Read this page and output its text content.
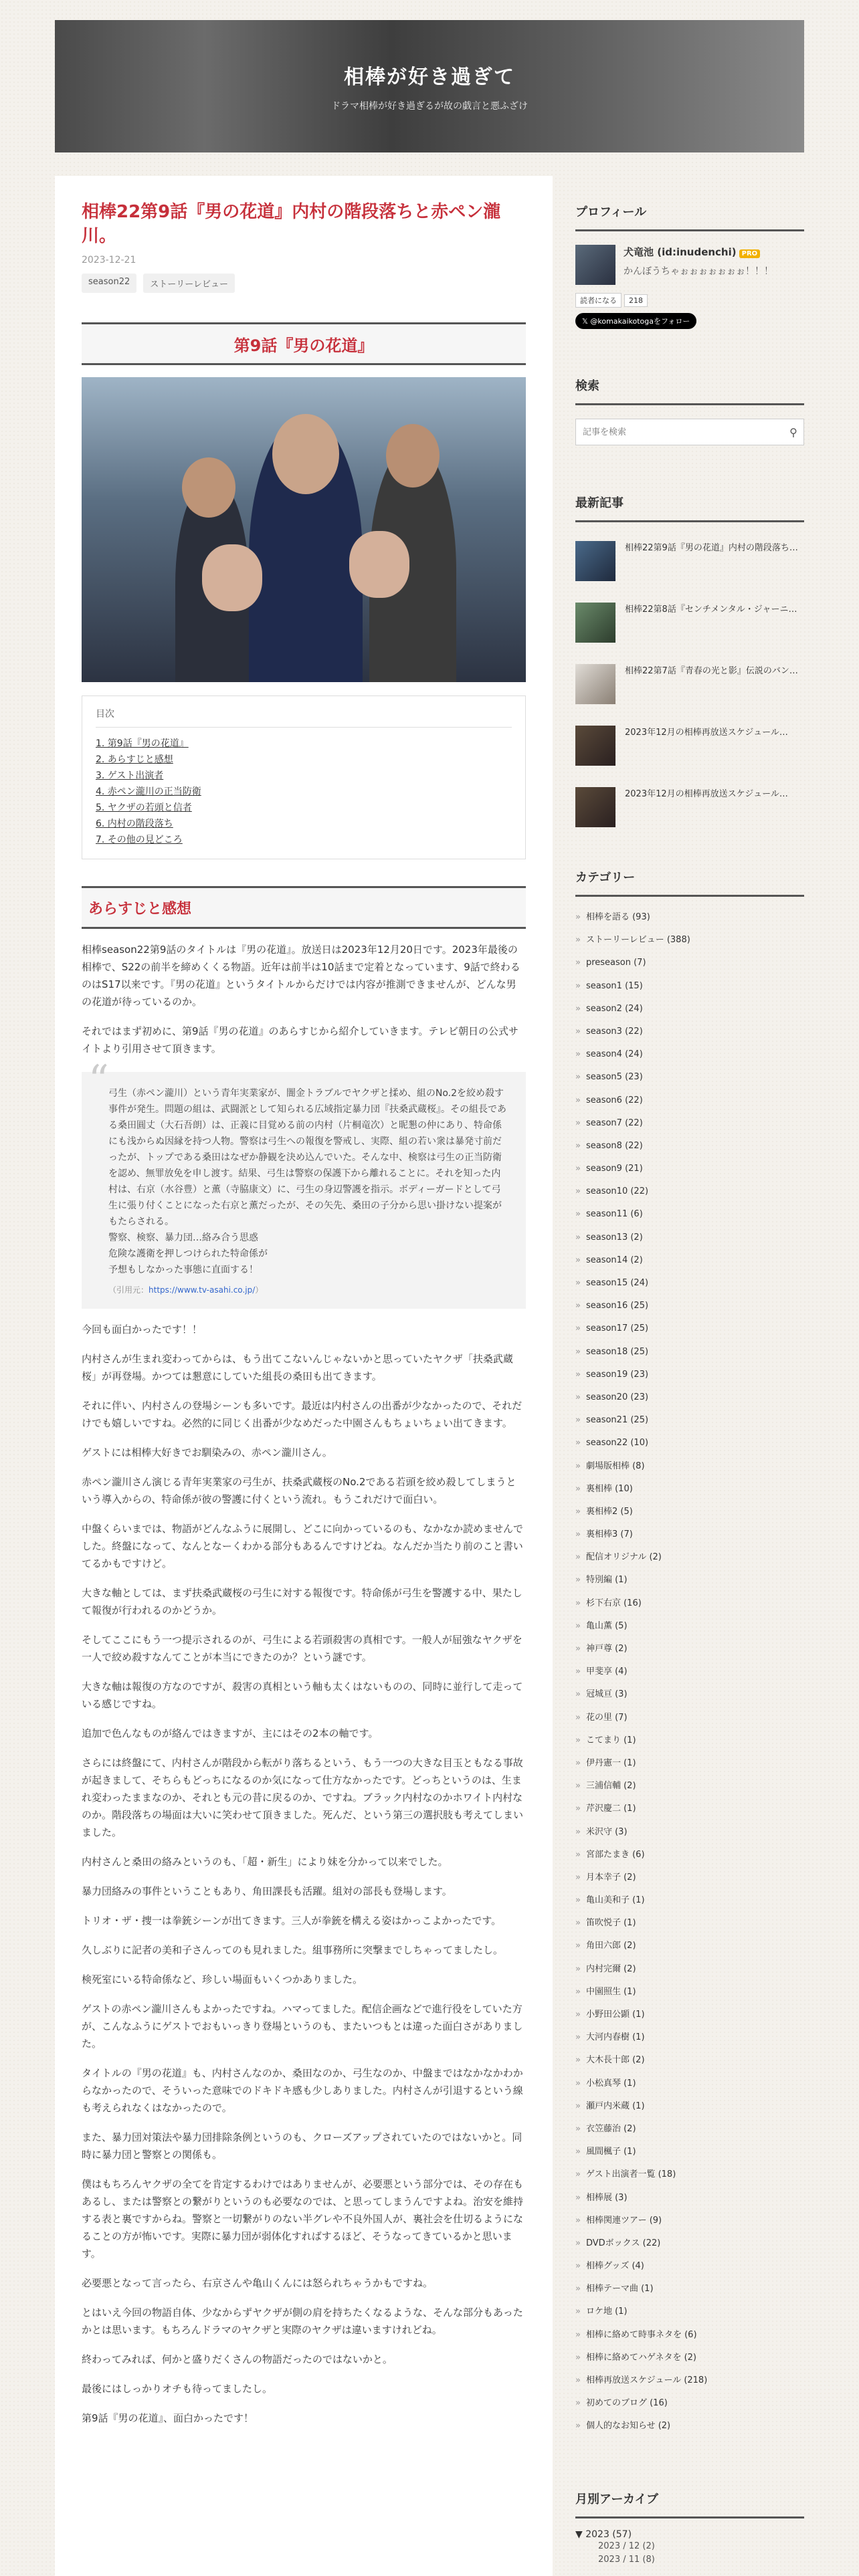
相棒が好き過ぎて
ドラマ相棒が好き過ぎるが故の戯言と悪ふざけ
相棒22第9話『男の花道』内村の階段落ちと赤ペン瀧川。
2023-12-21
season22	ストーリーレビュー
第9話『男の花道』
目次
1. 第9話『男の花道』
2. あらすじと感想
3. ゲスト出演者
4. 赤ペン瀧川の正当防衛
5. ヤクザの若頭と信者
6. 内村の階段落ち
7. その他の見どころ
あらすじと感想

相棒season22第9話のタイトルは『男の花道』。放送日は2023年12月20日です。2023年最後の相棒で、S22の前半を締めくくる物語。近年は前半は10話まで定着となっています、9話で終わるのはS17以来です。『男の花道』というタイトルからだけでは内容が推測できませんが、どんな男の花道が待っているのか。

それではまず初めに、第9話『男の花道』のあらすじから紹介していきます。テレビ朝日の公式サイトより引用させて頂きます。

“ 弓生（赤ペン瀧川）という青年実業家が、闇金トラブルでヤクザと揉め、組のNo.2を絞め殺す事件が発生。問題の組は、武闘派として知られる広域指定暴力団『扶桑武蔵桜』。その組長である桑田圓丈（大石吾朗）は、正義に目覚める前の内村（片桐竜次）と昵懇の仲にあり、特命係にも浅からぬ因縁を持つ人物。警察は弓生への報復を警戒し、実際、組の若い衆は暴発寸前だったが、トップである桑田はなぜか静観を決め込んでいた。そんな中、検察は弓生の正当防衛を認め、無罪放免を申し渡す。結果、弓生は警察の保護下から離れることに。それを知った内村は、右京（水谷豊）と薫（寺脇康文）に、弓生の身辺警護を指示。ボディーガードとして弓生に張り付くことになった右京と薫だったが、その矢先、桑田の子分から思い掛けない提案がもたらされる。
警察、検察、暴力団…絡み合う思惑
危険な護衛を押しつけられた特命係が
予想もしなかった事態に直面する！
（引用元：https://www.tv-asahi.co.jp/）

今回も面白かったです！！

内村さんが生まれ変わってからは、もう出てこないんじゃないかと思っていたヤクザ「扶桑武蔵桜」が再登場。かつては懇意にしていた組長の桑田も出てきます。

それに伴い、内村さんの登場シーンも多いです。最近は内村さんの出番が少なかったので、それだけでも嬉しいですね。必然的に同じく出番が少なめだった中園さんもちょいちょい出てきます。

ゲストには相棒大好きでお馴染みの、赤ペン瀧川さん。

赤ペン瀧川さん演じる青年実業家の弓生が、扶桑武蔵桜のNo.2である若頭を絞め殺してしまうという導入からの、特命係が彼の警護に付くという流れ。もうこれだけで面白い。

中盤くらいまでは、物語がどんなふうに展開し、どこに向かっているのも、なかなか読めませんでした。終盤になって、なんとなーくわかる部分もあるんですけどね。なんだか当たり前のこと書いてるかもですけど。

大きな軸としては、まず扶桑武蔵桜の弓生に対する報復です。特命係が弓生を警護する中、果たして報復が行われるのかどうか。

そしてここにもう一つ提示されるのが、弓生による若頭殺害の真相です。一般人が屈強なヤクザを一人で絞め殺すなんてことが本当にできたのか？という謎です。

大きな軸は報復の方なのですが、殺害の真相という軸も太くはないものの、同時に並行して走っている感じですね。

追加で色んなものが絡んではきますが、主にはその2本の軸です。

さらには終盤にて、内村さんが階段から転がり落ちるという、もう一つの大きな目玉ともなる事故が起きまして、そちらもどっちになるのか気になって仕方なかったです。どっちというのは、生まれ変わったままなのか、それとも元の昔に戻るのか、ですね。ブラック内村なのかホワイト内村なのか。階段落ちの場面は大いに笑わせて頂きました。死んだ、という第三の選択肢も考えてしまいました。

内村さんと桑田の絡みというのも、「超・新生」により妹を分かって以来でした。

暴力団絡みの事件ということもあり、角田課長も活躍。組対の部長も登場します。

トリオ・ザ・捜一は拳銃シーンが出てきます。三人が拳銃を構える姿はかっこよかったです。

久しぶりに記者の美和子さんってのも見れました。組事務所に突撃までしちゃってましたし。

検死室にいる特命係など、珍しい場面もいくつかありました。

ゲストの赤ペン瀧川さんもよかったですね。ハマってました。配信企画などで進行役をしていた方が、こんなふうにゲストでおもいっきり登場というのも、またいつもとは違った面白さがありました。

タイトルの『男の花道』も、内村さんなのか、桑田なのか、弓生なのか、中盤まではなかなかわからなかったので、そういった意味でのドキドキ感も少しありました。内村さんが引退するという線も考えられなくはなかったので。

また、暴力団対策法や暴力団排除条例というのも、クローズアップされていたのではないかと。同時に暴力団と警察との関係も。

僕はもちろんヤクザの全てを肯定するわけではありませんが、必要悪という部分では、その存在もあるし、または警察との繋がりというのも必要なのでは、と思ってしまうんですよね。治安を維持する表と裏ですからね。警察と一切繋がりのない半グレや不良外国人が、裏社会を仕切るようになることの方が怖いです。実際に暴力団が弱体化すればするほど、そうなってきているかと思います。

必要悪となって言ったら、右京さんや亀山くんには怒られちゃうかもですね。

とはいえ今回の物語自体、少なからずヤクザが側の肩を持ちたくなるような、そんな部分もあったかとは思います。もちろんドラマのヤクザと実際のヤクザは違いますけれどね。

終わってみれば、何かと盛りだくさんの物語だったのではないかと。

最後にはしっかりオチも待ってましたし。

第9話『男の花道』、面白かったです！

プロフィール
犬竜池 (id:inudenchi) PRO
かんぼうちゃぉぉぉぉぉぉぉ！！！
読者になる	218
𝕏 @komakaikotogaをフォロー
検索
記事を検索
⚲
最新記事
相棒22第9話『男の花道』内村の階段落ち…
相棒22第8話『センチメンタル・ジャーニ…
相棒22第7話『青春の光と影』伝説のバン…
2023年12月の相棒再放送スケジュール…
2023年12月の相棒再放送スケジュール…
カテゴリー
» 相棒を語る (93)
» ストーリーレビュー (388)
» preseason (7)
» season1 (15)
» season2 (24)
» season3 (22)
» season4 (24)
» season5 (23)
» season6 (22)
» season7 (22)
» season8 (22)
» season9 (21)
» season10 (22)
» season11 (6)
» season13 (2)
» season14 (2)
» season15 (24)
» season16 (25)
» season17 (25)
» season18 (25)
» season19 (23)
» season20 (23)
» season21 (25)
» season22 (10)
» 劇場版相棒 (8)
» 裏相棒 (10)
» 裏相棒2 (5)
» 裏相棒3 (7)
» 配信オリジナル (2)
» 特別編 (1)
» 杉下右京 (16)
» 亀山薫 (5)
» 神戸尊 (2)
» 甲斐享 (4)
» 冠城亘 (3)
» 花の里 (7)
» こてまり (1)
» 伊丹憲一 (1)
» 三浦信輔 (2)
» 芹沢慶二 (1)
» 米沢守 (3)
» 宮部たまき (6)
» 月本幸子 (2)
» 亀山美和子 (1)
» 笛吹悦子 (1)
» 角田六郎 (2)
» 内村完爾 (2)
» 中園照生 (1)
» 小野田公顕 (1)
» 大河内春樹 (1)
» 大木長十郎 (2)
» 小松真琴 (1)
» 瀬戸内米蔵 (1)
» 衣笠藤治 (2)
» 風間楓子 (1)
» ゲスト出演者一覧 (18)
» 相棒展 (3)
» 相棒関連ツアー (9)
» DVDボックス (22)
» 相棒グッズ (4)
» 相棒テーマ曲 (1)
» ロケ地 (1)
» 相棒に絡めて時事ネタを (6)
» 相棒に絡めてハゲネタを (2)
» 相棒再放送スケジュール (218)
» 初めてのブログ (16)
» 個人的なお知らせ (2)
月別アーカイブ
▼ 2023 (57)
2023 / 12 (2)
2023 / 11 (8)
